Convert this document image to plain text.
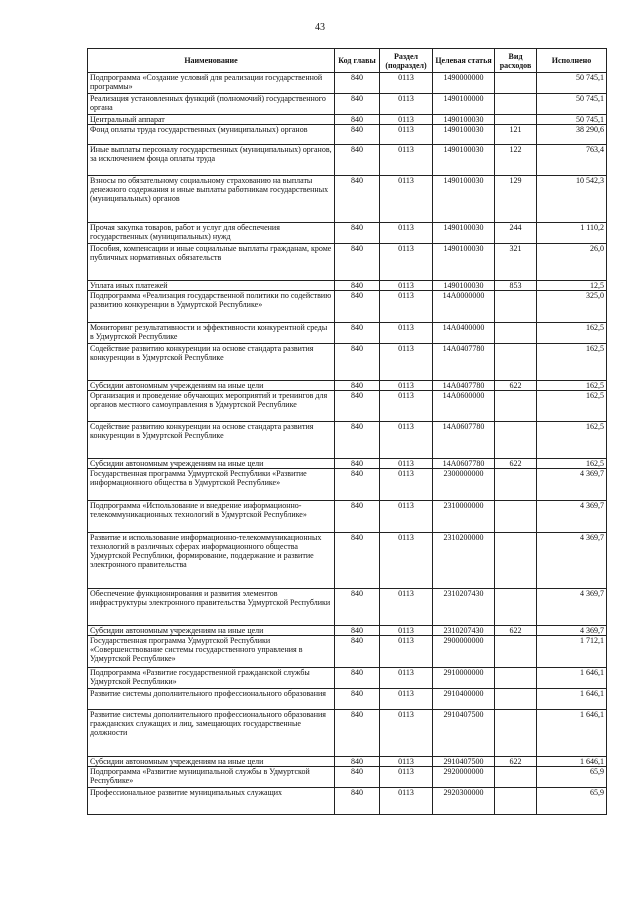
43
Наименование	Код главы	Раздел (подраздел)	Целевая статья	Вид расходов	Исполнено
Подпрограмма «Создание условий для реализации государственной программы»	840	0113	1490000000		50 745,1
Реализация установленных функций (полномочий) государственного органа	840	0113	1490100000		50 745,1
Центральный аппарат	840	0113	1490100030		50 745,1
Фонд оплаты труда государственных (муниципальных) органов	840	0113	1490100030	121	38 290,6
Иные выплаты персоналу государственных (муниципальных) органов, за исключением фонда оплаты труда	840	0113	1490100030	122	763,4
Взносы по обязательному социальному страхованию на выплаты денежного содержания и иные выплаты работникам государственных (муниципальных) органов	840	0113	1490100030	129	10 542,3
Прочая закупка товаров, работ и услуг для обеспечения государственных (муниципальных) нужд	840	0113	1490100030	244	1 110,2
Пособия, компенсации и иные социальные выплаты гражданам, кроме публичных нормативных обязательств	840	0113	1490100030	321	26,0
Уплата иных платежей	840	0113	1490100030	853	12,5
Подпрограмма «Реализация государственной политики по содействию развитию конкуренции в Удмуртской Республике»	840	0113	14А0000000		325,0
Мониторинг результативности и эффективности конкурентной среды в Удмуртской Республике	840	0113	14А0400000		162,5
Содействие развитию конкуренции на основе стандарта развития конкуренции в Удмуртской Республике	840	0113	14А0407780		162,5
Субсидии автономным учреждениям на иные цели	840	0113	14А0407780	622	162,5
Организация и проведение обучающих мероприятий и тренингов для органов местного самоуправления в Удмуртской Республике	840	0113	14А0600000		162,5
Содействие развитию конкуренции на основе стандарта развития конкуренции в Удмуртской Республике	840	0113	14А0607780		162,5
Субсидии автономным учреждениям на иные цели	840	0113	14А0607780	622	162,5
Государственная программа Удмуртской Республики «Развитие информационного общества в Удмуртской Республике»	840	0113	2300000000		4 369,7
Подпрограмма «Использование и внедрение информационно-телекоммуникационных технологий в Удмуртской Республике»	840	0113	2310000000		4 369,7
Развитие и использование информационно-телекоммуникационных технологий в различных сферах информационного общества Удмуртской Республики, формирование, поддержание и развитие электронного правительства	840	0113	2310200000		4 369,7
Обеспечение функционирования и развития элементов инфраструктуры электронного правительства Удмуртской Республики	840	0113	2310207430		4 369,7
Субсидии автономным учреждениям на иные цели	840	0113	2310207430	622	4 369,7
Государственная программа Удмуртской Республики «Совершенствование системы государственного управления в Удмуртской Республике»	840	0113	2900000000		1 712,1
Подпрограмма «Развитие государственной гражданской службы Удмуртской Республики»	840	0113	2910000000		1 646,1
Развитие системы дополнительного профессионального образования	840	0113	2910400000		1 646,1
Развитие системы дополнительного профессионального образования гражданских служащих и лиц, замещающих государственные должности	840	0113	2910407500		1 646,1
Субсидии автономным учреждениям на иные цели	840	0113	2910407500	622	1 646,1
Подпрограмма «Развитие муниципальной службы в Удмуртской Республике»	840	0113	2920000000		65,9
Профессиональное развитие муниципальных служащих	840	0113	2920300000		65,9
